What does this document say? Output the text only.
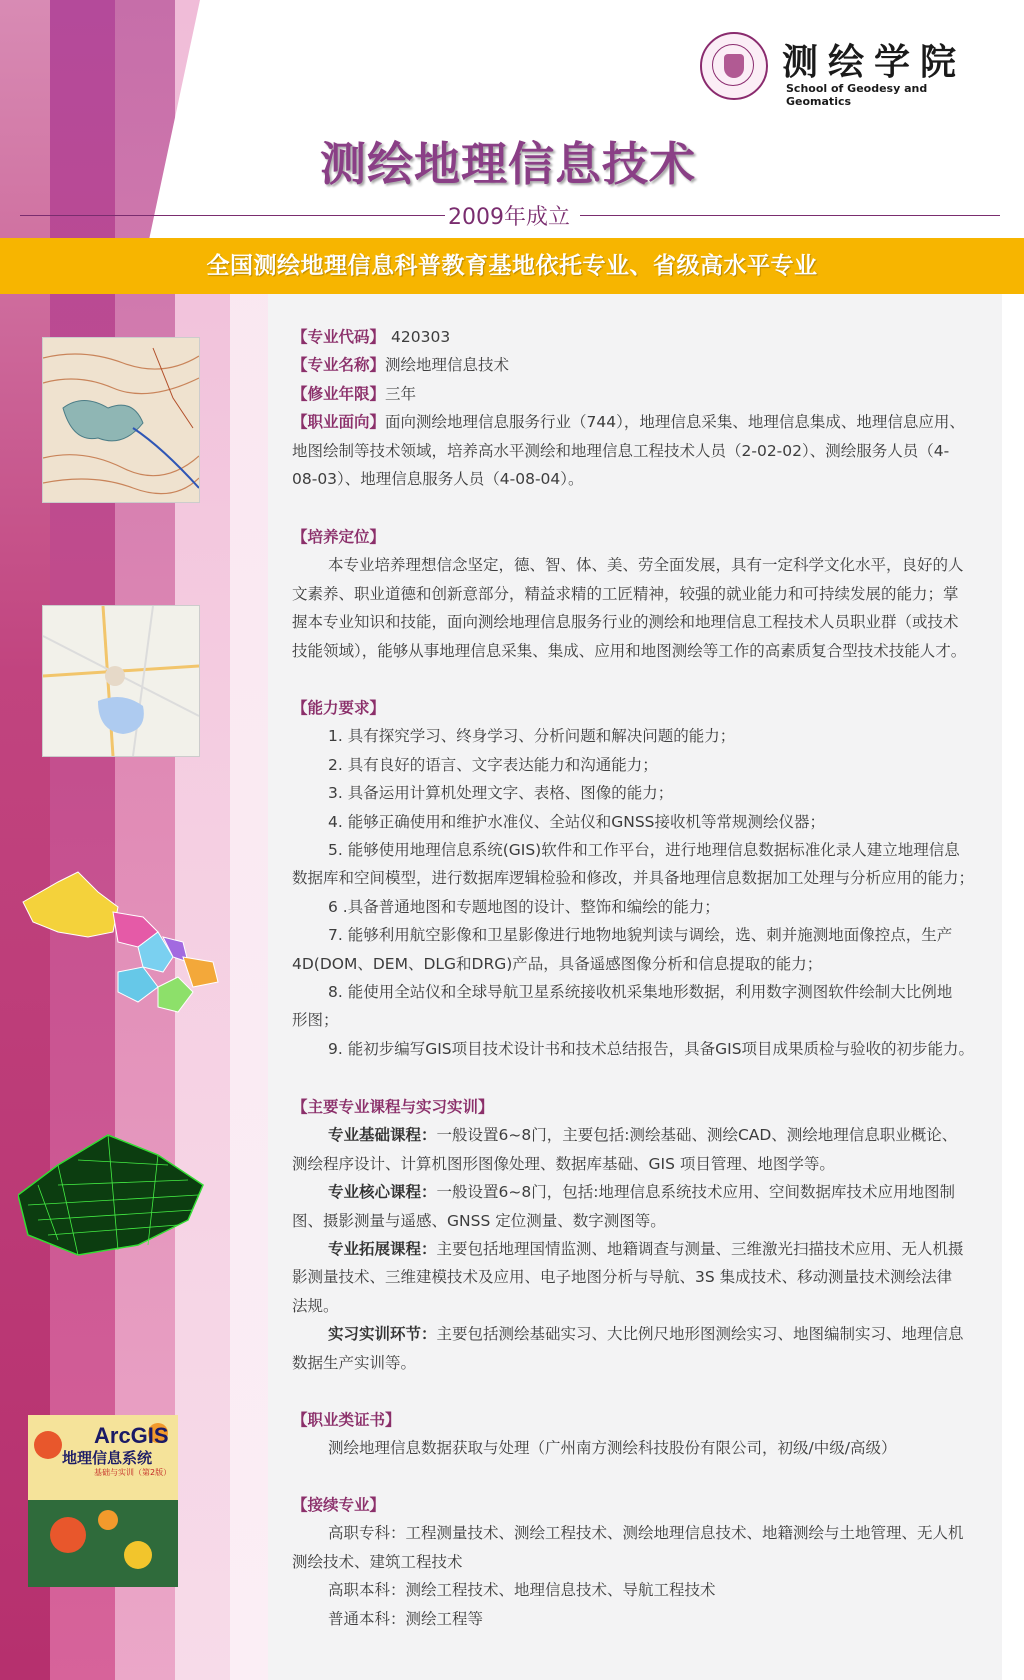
测绘学院
School of Geodesy and Geomatics
测绘地理信息技术
2009年成立
全国测绘地理信息科普教育基地依托专业、省级高水平专业
【专业代码】 420303
【专业名称】测绘地理信息技术
【修业年限】三年
【职业面向】面向测绘地理信息服务行业（744），地理信息采集、地理信息集成、地理信息应用、
地图绘制等技术领域，培养高水平测绘和地理信息工程技术人员（2-02-02）、测绘服务人员（4-
08-03）、地理信息服务人员（4-08-04）。
【培养定位】
本专业培养理想信念坚定，德、智、体、美、劳全面发展，具有一定科学文化水平，良好的人
文素养、职业道德和创新意部分，精益求精的工匠精神，较强的就业能力和可持续发展的能力；掌
握本专业知识和技能，面向测绘地理信息服务行业的测绘和地理信息工程技术人员职业群（或技术
技能领域），能够从事地理信息采集、集成、应用和地图测绘等工作的高素质复合型技术技能人才。
【能力要求】
1. 具有探究学习、终身学习、分析问题和解决问题的能力；
2. 具有良好的语言、文字表达能力和沟通能力；
3. 具备运用计算机处理文字、表格、图像的能力；
4. 能够正确使用和维护水准仪、全站仪和GNSS接收机等常规测绘仪器；
5. 能够使用地理信息系统(GIS)软件和工作平台，进行地理信息数据标准化录人建立地理信息
数据库和空间模型，进行数据库逻辑检验和修改，并具备地理信息数据加工处理与分析应用的能力；
6 .具备普通地图和专题地图的设计、整饰和编绘的能力；
7. 能够利用航空影像和卫星影像进行地物地貌判读与调绘，选、刺并施测地面像控点，生产
4D(DOM、DEM、DLG和DRG)产品，具备遥感图像分析和信息提取的能力；
8. 能使用全站仪和全球导航卫星系统接收机采集地形数据，利用数字测图软件绘制大比例地
形图；
9. 能初步编写GIS项目技术设计书和技术总结报告，具备GIS项目成果质检与验收的初步能力。
【主要专业课程与实习实训】
专业基础课程：一般设置6~8门，主要包括:测绘基础、测绘CAD、测绘地理信息职业概论、
测绘程序设计、计算机图形图像处理、数据库基础、GIS 项目管理、地图学等。
专业核心课程：一般设置6~8门，包括:地理信息系统技术应用、空间数据库技术应用地图制
图、摄影测量与遥感、GNSS 定位测量、数字测图等。
专业拓展课程：主要包括地理国情监测、地籍调查与测量、三维激光扫描技术应用、无人机摄
影测量技术、三维建模技术及应用、电子地图分析与导航、3S 集成技术、移动测量技术测绘法律
法规。
实习实训环节：主要包括测绘基础实习、大比例尺地形图测绘实习、地图编制实习、地理信息
数据生产实训等。
【职业类证书】
测绘地理信息数据获取与处理（广州南方测绘科技股份有限公司，初级/中级/高级）
【接续专业】
高职专科：工程测量技术、测绘工程技术、测绘地理信息技术、地籍测绘与土地管理、无人机
测绘技术、建筑工程技术
高职本科：测绘工程技术、地理信息技术、导航工程技术
普通本科：测绘工程等
ArcGIS
地理信息系统
基础与实训（第2版）
